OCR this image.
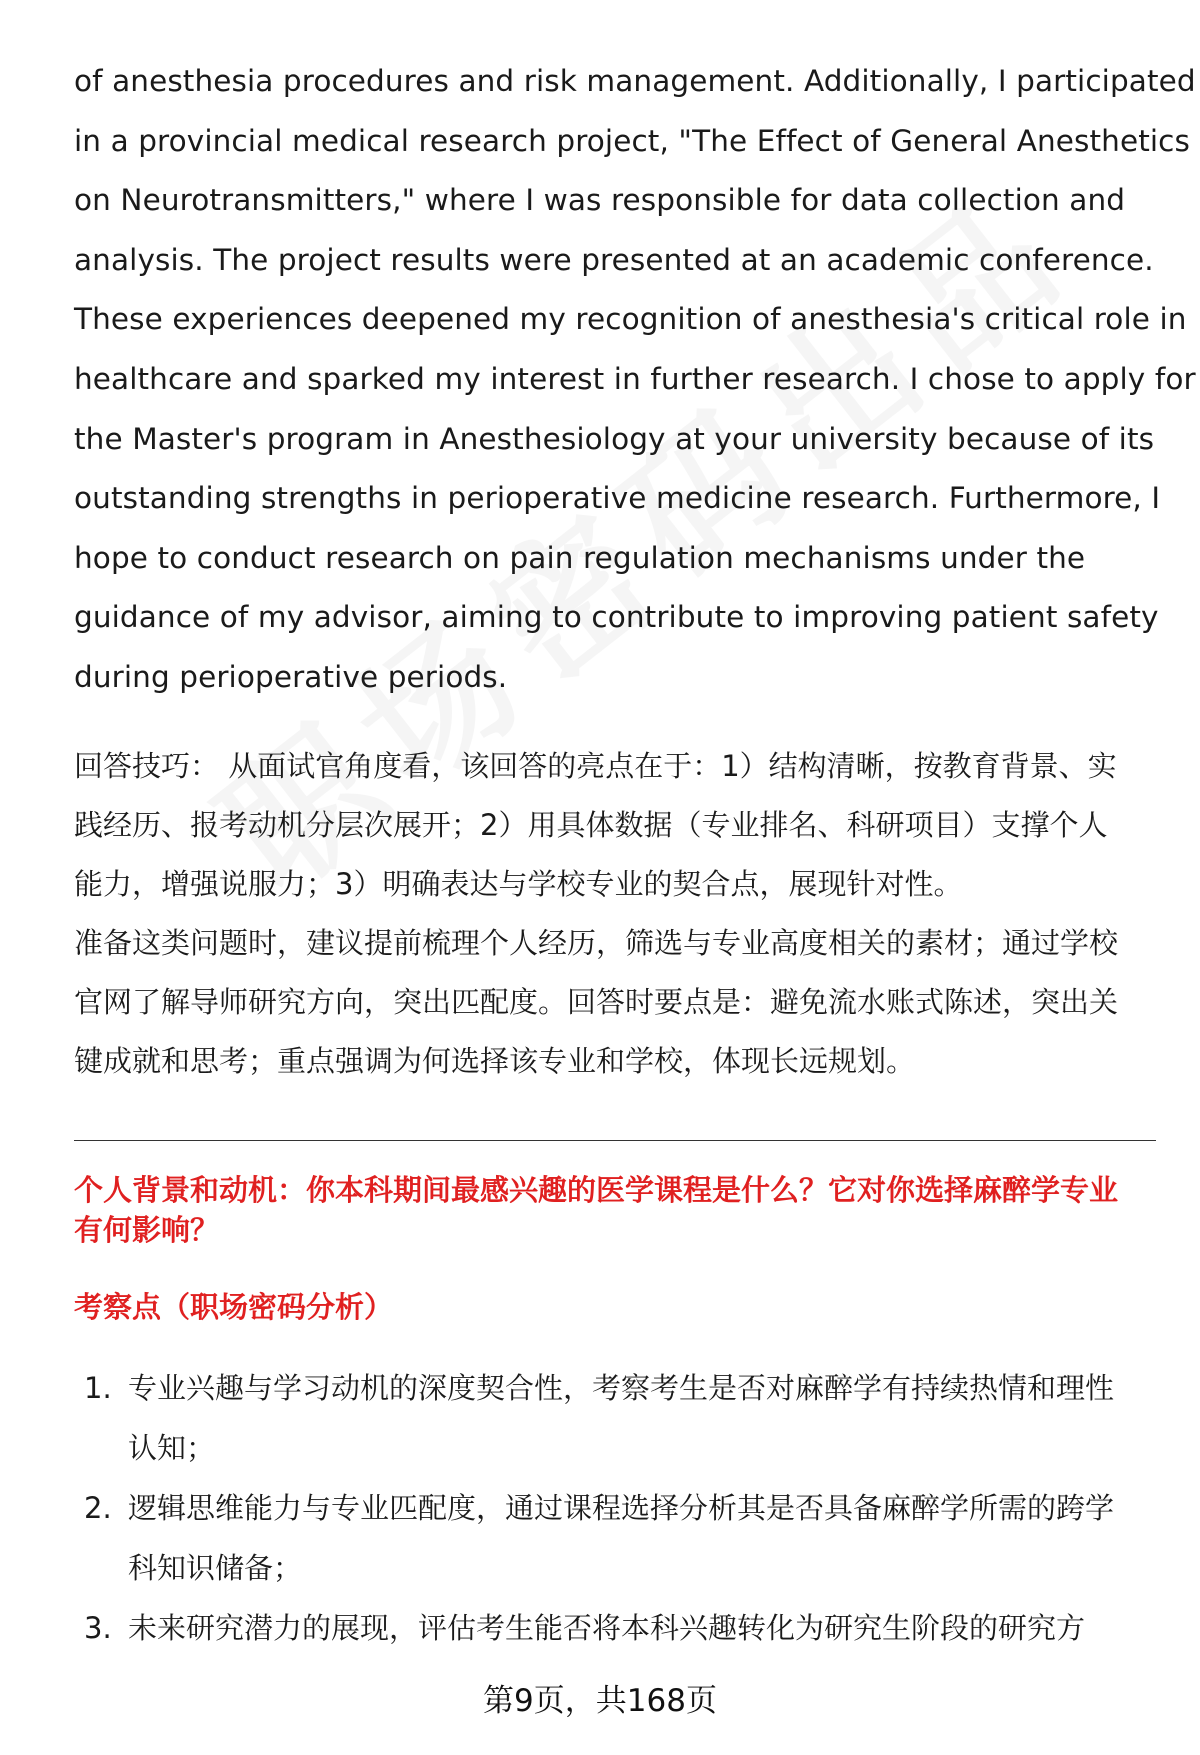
of anesthesia procedures and risk management. Additionally, I participated
in a provincial medical research project, "The Effect of General Anesthetics
on Neurotransmitters," where I was responsible for data collection and
analysis. The project results were presented at an academic conference.
These experiences deepened my recognition of anesthesia's critical role in
healthcare and sparked my interest in further research. I chose to apply for
the Master's program in Anesthesiology at your university because of its
outstanding strengths in perioperative medicine research. Furthermore, I
hope to conduct research on pain regulation mechanisms under the
guidance of my advisor, aiming to contribute to improving patient safety
during perioperative periods.
回答技巧： 从面试官角度看，该回答的亮点在于：1）结构清晰，按教育背景、实
践经历、报考动机分层次展开；2）用具体数据（专业排名、科研项目）支撑个人
能力，增强说服力；3）明确表达与学校专业的契合点，展现针对性。
准备这类问题时，建议提前梳理个人经历，筛选与专业高度相关的素材；通过学校
官网了解导师研究方向，突出匹配度。回答时要点是：避免流水账式陈述，突出关
键成就和思考；重点强调为何选择该专业和学校，体现长远规划。
个人背景和动机：你本科期间最感兴趣的医学课程是什么？它对你选择麻醉学专业
有何影响？
考察点（职场密码分析）
1. 专业兴趣与学习动机的深度契合性，考察考生是否对麻醉学有持续热情和理性
认知；
2. 逻辑思维能力与专业匹配度，通过课程选择分析其是否具备麻醉学所需的跨学
科知识储备；
3. 未来研究潜力的展现，评估考生能否将本科兴趣转化为研究生阶段的研究方
第9页，共168页
